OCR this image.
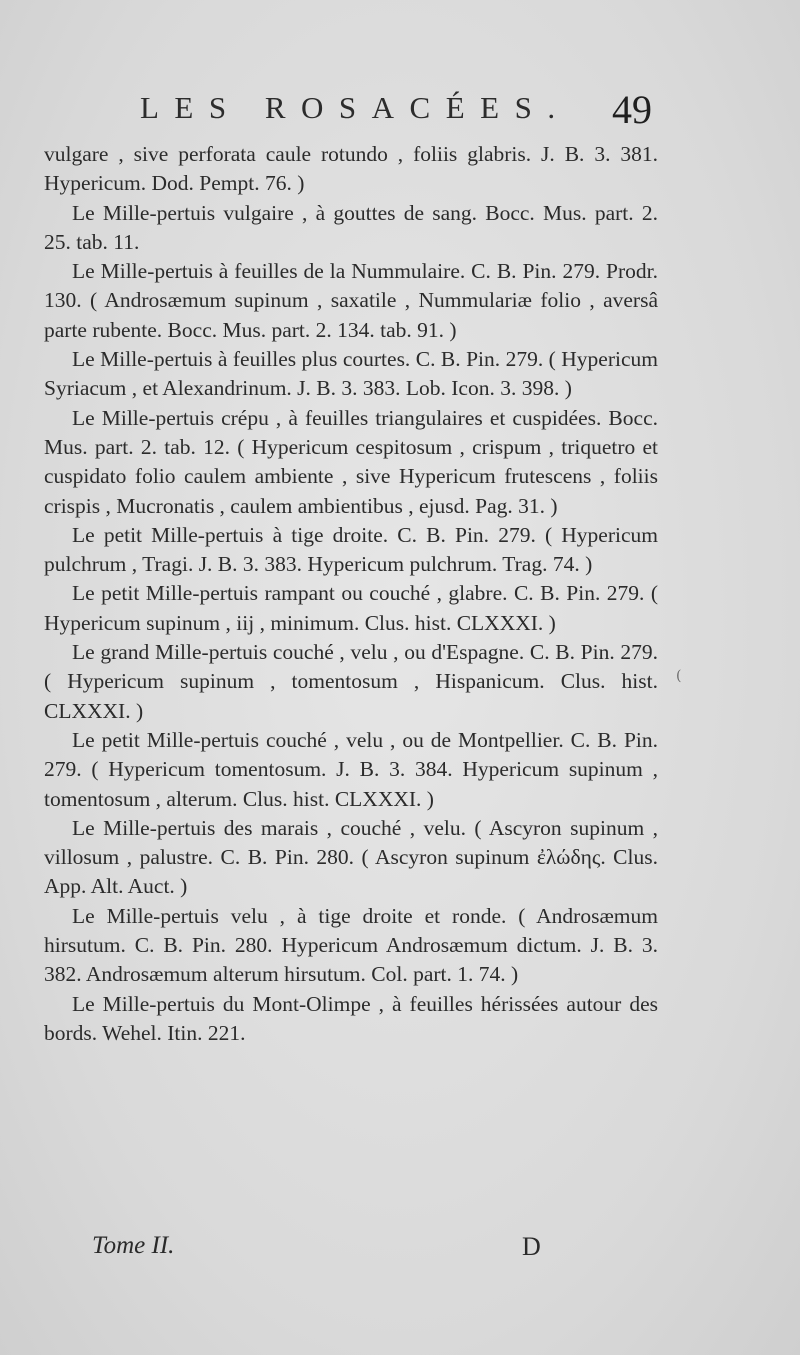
LES ROSACÉES. 49

vulgare , sive perforata caule rotundo , foliis glabris. J. B. 3. 381. Hypericum. Dod. Pempt. 76. )

Le Mille-pertuis vulgaire , à gouttes de sang. Bocc. Mus. part. 2. 25. tab. 11.

Le Mille-pertuis à feuilles de la Nummulaire. C. B. Pin. 279. Prodr. 130. ( Androsæmum supinum , saxatile , Nummulariæ folio , aversâ parte rubente. Bocc. Mus. part. 2. 134. tab. 91. )

Le Mille-pertuis à feuilles plus courtes. C. B. Pin. 279. ( Hypericum Syriacum , et Alexandrinum. J. B. 3. 383. Lob. Icon. 3. 398. )

Le Mille-pertuis crépu , à feuilles triangulaires et cuspidées. Bocc. Mus. part. 2. tab. 12. ( Hypericum cespitosum , crispum , triquetro et cuspidato folio caulem ambiente , sive Hypericum frutescens , foliis crispis , Mucronatis , caulem ambientibus , ejusd. Pag. 31. )

Le petit Mille-pertuis à tige droite. C. B. Pin. 279. ( Hypericum pulchrum , Tragi. J. B. 3. 383. Hypericum pulchrum. Trag. 74. )

Le petit Mille-pertuis rampant ou couché , glabre. C. B. Pin. 279. ( Hypericum supinum , iij , minimum. Clus. hist. CLXXXI. )

Le grand Mille-pertuis couché , velu , ou d'Espagne. C. B. Pin. 279. ( Hypericum supinum , tomentosum , Hispanicum. Clus. hist. CLXXXI. )

Le petit Mille-pertuis couché , velu , ou de Montpellier. C. B. Pin. 279. ( Hypericum tomentosum. J. B. 3. 384. Hypericum supinum , tomentosum , alterum. Clus. hist. CLXXXI. )

Le Mille-pertuis des marais , couché , velu. ( Ascyron supinum , villosum , palustre. C. B. Pin. 280. ( Ascyron supinum ἐλώδης. Clus. App. Alt. Auct. )

Le Mille-pertuis velu , à tige droite et ronde. ( Androsæmum hirsutum. C. B. Pin. 280. Hypericum Androsæmum dictum. J. B. 3. 382. Androsæmum alterum hirsutum. Col. part. 1. 74. )

Le Mille-pertuis du Mont-Olimpe , à feuilles hérissées autour des bords. Wehel. Itin. 221.

(
Tome II.	D
